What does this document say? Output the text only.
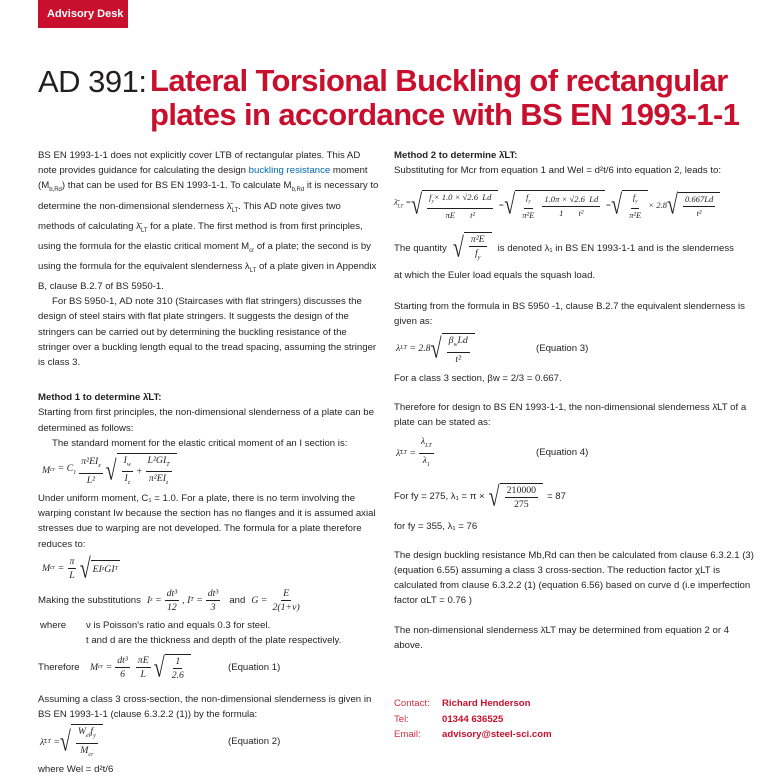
Advisory Desk
AD 391: Lateral Torsional Buckling of rectangular plates in accordance with BS EN 1993-1-1

BS EN 1993-1-1 does not explicitly cover LTB of rectangular plates. This AD note provides guidance for calculating the design buckling resistance moment $(M_{b,Rd})$ that can be used for BS EN 1993-1-1. To calculate $M_{b,Rd}$ it is necessary to determine the non-dimensional slenderness $\lambdā_{LT}$. This AD note gives two methods of calculating $\lambdā_{LT}$ for a plate. The first method is from first principles, using the formula for the elastic critical moment $M_{cr}$ of a plate; the second is by using the formula for the equivalent slenderness $\lambda_{LT}$ of a plate given in Appendix B, clause B.2.7 of BS 5950-1.

For BS 5950-1, AD note 310 (Staircases with flat stringers) discusses the design of steel stairs with flat plate stringers. It suggests the design of the stringers can be carried out by determining the buckling resistance of the stringer over a buckling length equal to the tread spacing, assuming the stringer is class 3.

Method 1 to determine λ̄LT:

Starting from first principles, the non-dimensional slenderness of a plate can be determined as follows:

The standard moment for the elastic critical moment of an I section is:

M cr = $C_1 \frac{\pi^2EI_z}{\text{L²}}$ √ $\frac{I_w}{I_z} + \frac{L^2GI_T}{\pi^2EI_z}$

Under uniform moment, C₁ = 1.0. For a plate, there is no term involving the warping constant Iw because the section has no flanges and it is assumed axial stresses due to warping are not developed. The formula for a plate therefore reduces to:

M cr = $\frac{\pi}{L}$ √ EI z GI T
Making the substitutions I $z = \frac{\text{dt³}}{12}$ , I $T = \frac{\text{dt³}}{3}$ and $G = \frac{E}{2(1+\nu)}$
where ν is Poisson's ratio and equals 0.3 for steel.
t and d are the thickness and depth of the plate respectively.
Therefore M cr = $\frac{\text{dt³}}{6} \frac{\pi E}{L}$ √ $\frac{1}{2.6}$	(Equation 1)

Assuming a class 3 cross-section, the non-dimensional slenderness is given in BS EN 1993-1-1 (clause 6.3.2.2 (1)) by the formula:

λ̄ LT = √ $\frac{W_{el}f_y}{M_{cr}}$	(Equation 2)

where Wel = d²t/6

Method 2 to determine λ̄LT:

Substituting for Mcr from equation 1 and Wel = d²t/6 into equation 2, leads to:

$\lambdā_{LT}$ = √ $\frac{f_y\times 1.0 \times √2.6 Ld}{\text{πE       t²}}$ = √ $\frac{f_y}{\text{π²E}} \frac{1.0\pi \times √2.6 Ld}{\text{1       t²}}$ = √ $\frac{f_y}{\text{π²E}} \times 2.8$ √ $\frac{0.667Ld}{\text{t²}}$
The quantity √ $\frac{\text{π²E}}{f_y}$ is denoted λ₁ in BS EN 1993-1-1 and is the slenderness

at which the Euler load equals the squash load.

Starting from the formula in BS 5950 -1, clause B.2.7 the equivalent slenderness is given as:

λ LT = 2.8 √ $\frac{\beta_wLd}{\text{t²}}$	(Equation 3)

For a class 3 section, βw = 2/3 = 0.667.

Therefore for design to BS EN 1993-1-1, the non-dimensional slenderness λ̄LT of a plate can be stated as:

λ̄ LT = $\frac{\lambda_{LT}}{\lambda_1}$	(Equation 4)
For fy = 275, λ₁ = π × √ $\frac{210000}{275} = 87$

for fy = 355, λ₁ = 76

The design buckling resistance Mb,Rd can then be calculated from clause 6.3.2.1 (3) (equation 6.55) assuming a class 3 cross-section. The reduction factor χLT is calculated from clause 6.3.2.2 (1) (equation 6.56) based on curve d (i.e imperfection factor αLT = 0.76 )

The non-dimensional slenderness λ̄LT may be determined from equation 2 or 4 above.

Contact: Richard Henderson
Tel:	01344 636525
Email: advisory@steel-sci.com
